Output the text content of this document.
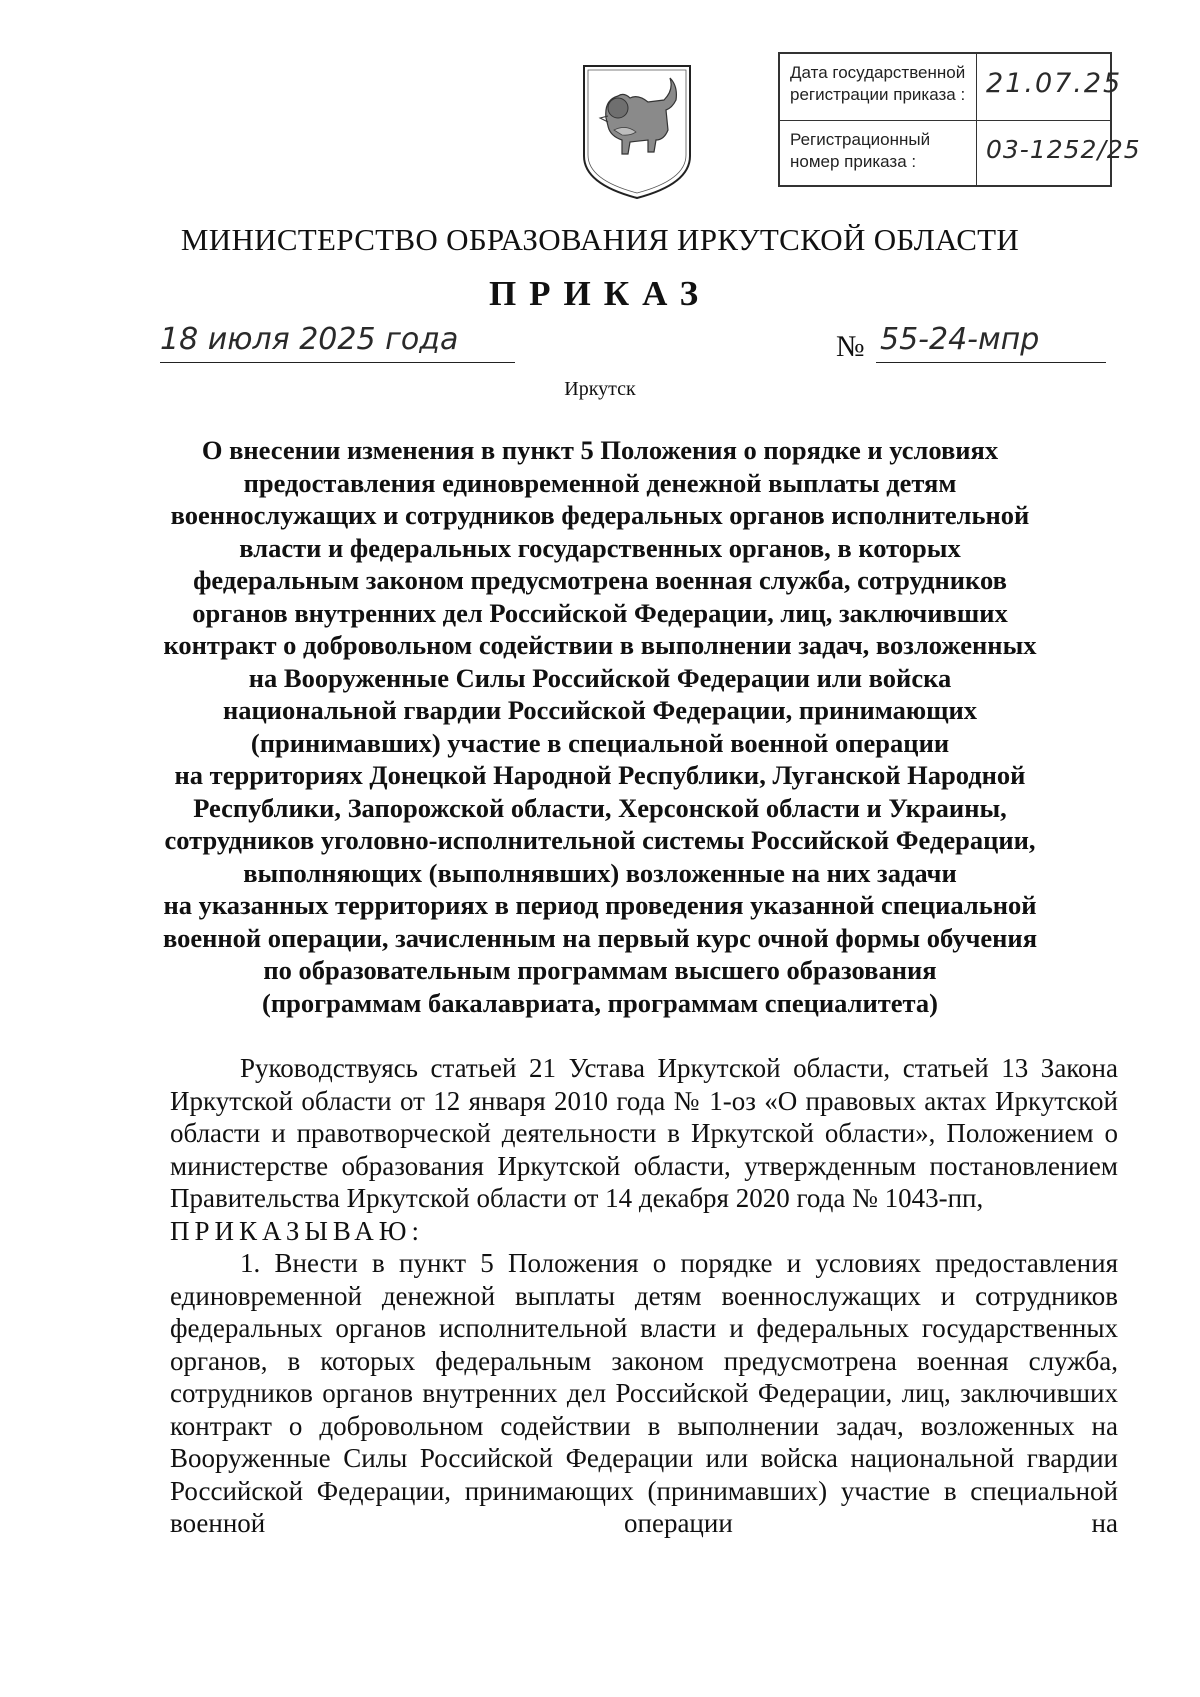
Дата государственной регистрации приказа : 21.07.25
Регистрационный номер приказа :	03-1252/25
МИНИСТЕРСТВО ОБРАЗОВАНИЯ ИРКУТСКОЙ ОБЛАСТИ
ПРИКАЗ
18 июля 2025 года	№ 55-24-мпр
Иркутск
О внесении изменения в пункт 5 Положения о порядке и условиях
предоставления единовременной денежной выплаты детям
военнослужащих и сотрудников федеральных органов исполнительной
власти и федеральных государственных органов, в которых
федеральным законом предусмотрена военная служба, сотрудников
органов внутренних дел Российской Федерации, лиц, заключивших
контракт о добровольном содействии в выполнении задач, возложенных
на Вооруженные Силы Российской Федерации или войска
национальной гвардии Российской Федерации, принимающих
(принимавших) участие в специальной военной операции
на территориях Донецкой Народной Республики, Луганской Народной
Республики, Запорожской области, Херсонской области и Украины,
сотрудников уголовно-исполнительной системы Российской Федерации,
выполняющих (выполнявших) возложенные на них задачи
на указанных территориях в период проведения указанной специальной
военной операции, зачисленным на первый курс очной формы обучения
по образовательным программам высшего образования
(программам бакалавриата, программам специалитета)
Руководствуясь статьей 21 Устава Иркутской области, статьей 13 Закона Иркутской области от 12 января 2010 года № 1-оз «О правовых актах Иркутской области и правотворческой деятельности в Иркутской области», Положением о министерстве образования Иркутской области, утвержденным постановлением Правительства Иркутской области от 14 декабря 2020 года № 1043-пп,
ПРИКАЗЫВАЮ:
1. Внести в пункт 5 Положения о порядке и условиях предоставления единовременной денежной выплаты детям военнослужащих и сотрудников федеральных органов исполнительной власти и федеральных государственных органов, в которых федеральным законом предусмотрена военная служба, сотрудников органов внутренних дел Российской Федерации, лиц, заключивших контракт о добровольном содействии в выполнении задач, возложенных на Вооруженные Силы Российской Федерации или войска национальной гвардии Российской Федерации, принимающих (принимавших) участие в специальной военной операции на
